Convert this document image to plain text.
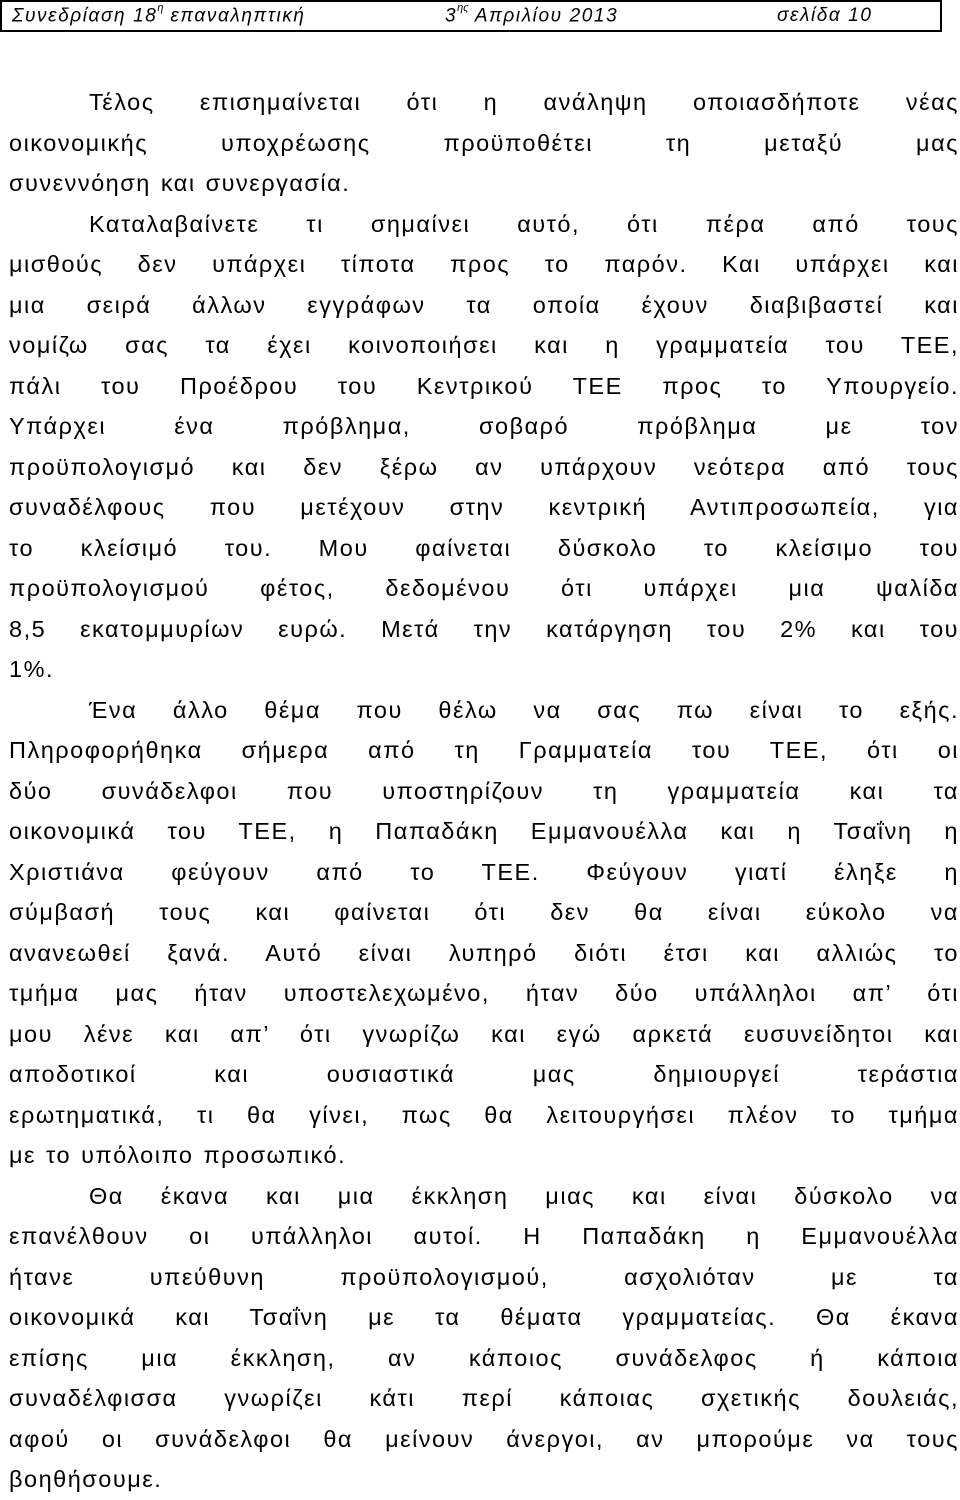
Συνεδρίαση $18^\eta$ επαναληπτική	$3^{\eta\varsigma}$ Απριλίου 2013	σελίδα 10
Τέλος επισημαίνεται ότι η ανάληψη οποιασδήποτε νέας
οικονομικής υποχρέωσης προϋποθέτει τη μεταξύ μας
συνεννόηση και συνεργασία.
Καταλαβαίνετε τι σημαίνει αυτό, ότι πέρα από τους
μισθούς δεν υπάρχει τίποτα προς το παρόν. Και υπάρχει και
μια σειρά άλλων εγγράφων τα οποία έχουν διαβιβαστεί και
νομίζω σας τα έχει κοινοποιήσει και η γραμματεία του ΤΕΕ,
πάλι του Προέδρου του Κεντρικού ΤΕΕ προς το Υπουργείο.
Υπάρχει ένα πρόβλημα, σοβαρό πρόβλημα με τον
προϋπολογισμό και δεν ξέρω αν υπάρχουν νεότερα από τους
συναδέλφους που μετέχουν στην κεντρική Αντιπροσωπεία, για
το κλείσιμό του. Μου φαίνεται δύσκολο το κλείσιμο του
προϋπολογισμού φέτος, δεδομένου ότι υπάρχει μια ψαλίδα
8,5 εκατομμυρίων ευρώ. Μετά την κατάργηση του 2% και του
1%.
Ένα άλλο θέμα που θέλω να σας πω είναι το εξής.
Πληροφορήθηκα σήμερα από τη Γραμματεία του ΤΕΕ, ότι οι
δύο συνάδελφοι που υποστηρίζουν τη γραμματεία και τα
οικονομικά του ΤΕΕ, η Παπαδάκη Εμμανουέλλα και η Τσαΐνη η
Χριστιάνα φεύγουν από το ΤΕΕ. Φεύγουν γιατί έληξε η
σύμβασή τους και φαίνεται ότι δεν θα είναι εύκολο να
ανανεωθεί ξανά. Αυτό είναι λυπηρό διότι έτσι και αλλιώς το
τμήμα μας ήταν υποστελεχωμένο, ήταν δύο υπάλληλοι απ’ ότι
μου λένε και απ’ ότι γνωρίζω και εγώ αρκετά ευσυνείδητοι και
αποδοτικοί και ουσιαστικά μας δημιουργεί τεράστια
ερωτηματικά, τι θα γίνει, πως θα λειτουργήσει πλέον το τμήμα
με το υπόλοιπο προσωπικό.
Θα έκανα και μια έκκληση μιας και είναι δύσκολο να
επανέλθουν οι υπάλληλοι αυτοί. Η Παπαδάκη η Εμμανουέλλα
ήτανε υπεύθυνη προϋπολογισμού, ασχολιόταν με τα
οικονομικά και Τσαΐνη με τα θέματα γραμματείας. Θα έκανα
επίσης μια έκκληση, αν κάποιος συνάδελφος ή κάποια
συναδέλφισσα γνωρίζει κάτι περί κάποιας σχετικής δουλειάς,
αφού οι συνάδελφοι θα μείνουν άνεργοι, αν μπορούμε να τους
βοηθήσουμε.
